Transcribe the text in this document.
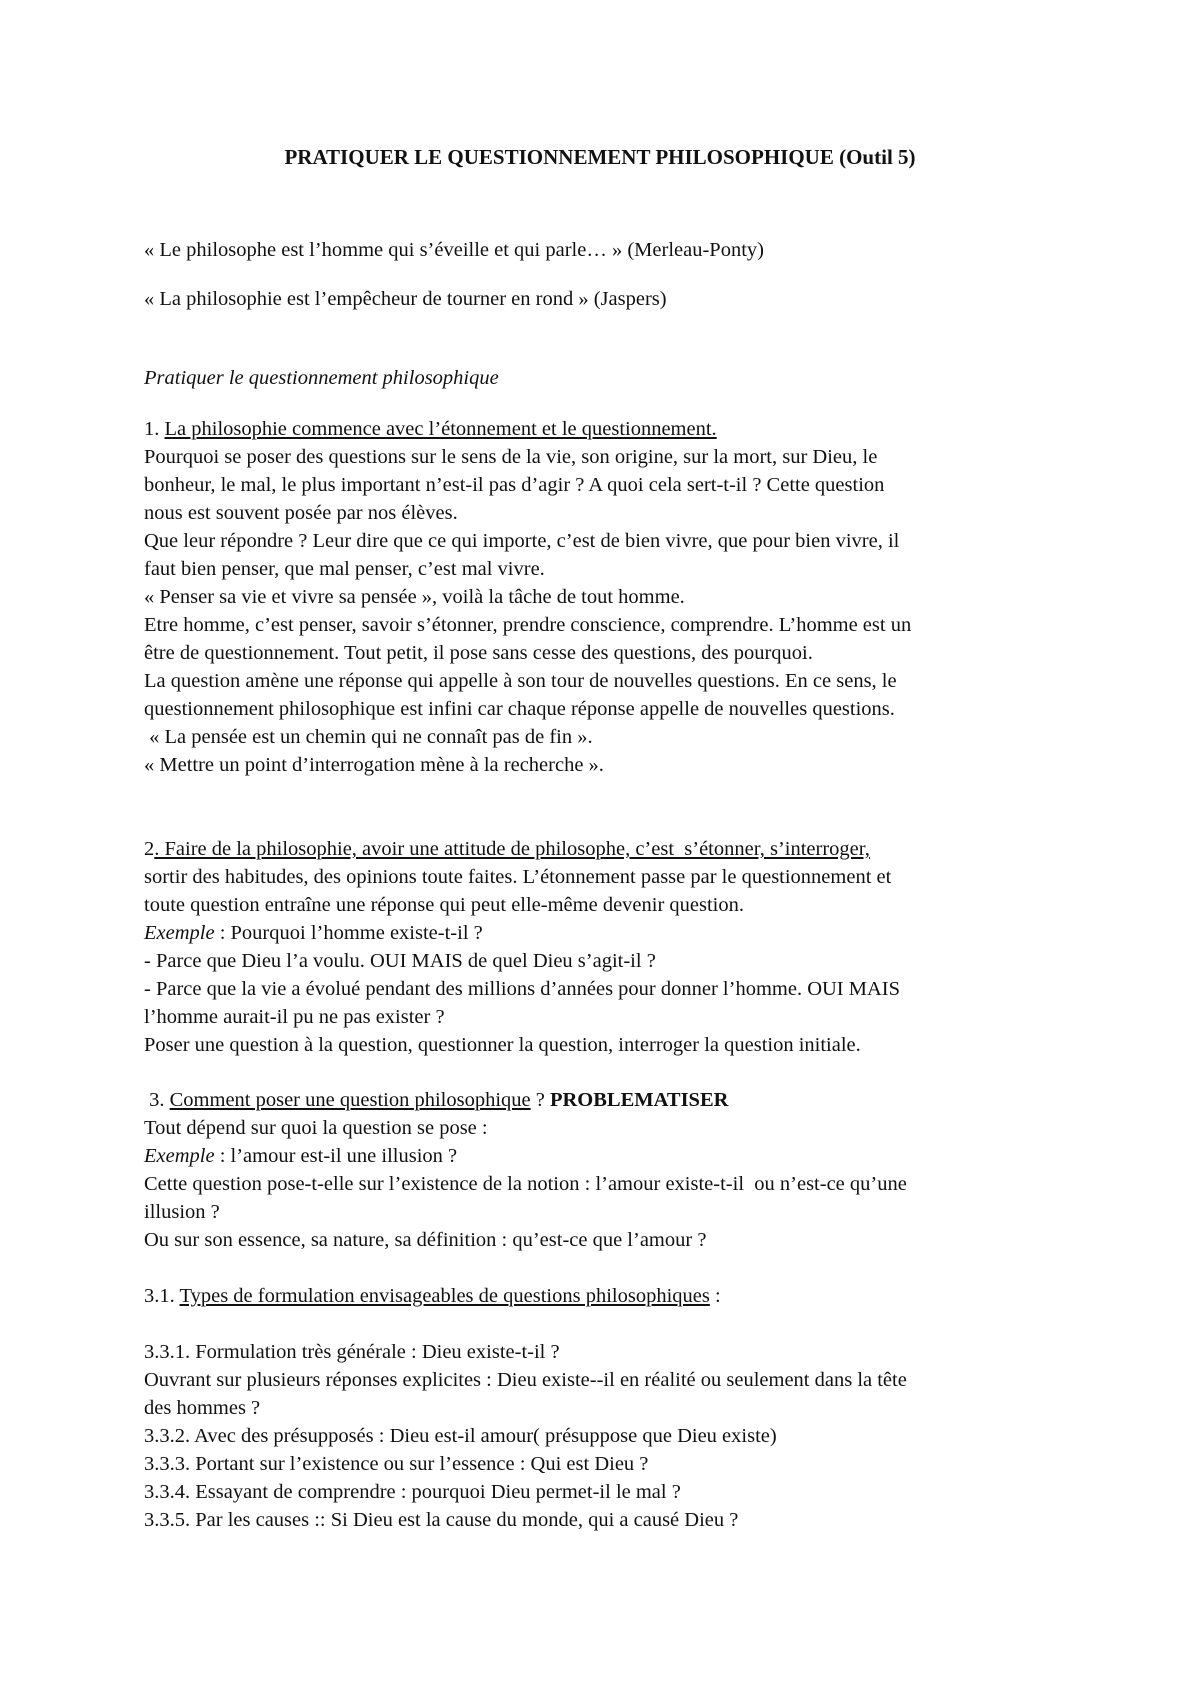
PRATIQUER LE QUESTIONNEMENT PHILOSOPHIQUE (Outil 5)
« Le philosophe est l’homme qui s’éveille et qui parle… » (Merleau-Ponty)
« La philosophie est l’empêcheur de tourner en rond » (Jaspers)
Pratiquer le questionnement philosophique
1. La philosophie commence avec l’étonnement et le questionnement.
Pourquoi se poser des questions sur le sens de la vie, son origine, sur la mort, sur Dieu, le
bonheur, le mal, le plus important n’est-il pas d’agir ? A quoi cela sert-t-il ? Cette question
nous est souvent posée par nos élèves.
Que leur répondre ? Leur dire que ce qui importe, c’est de bien vivre, que pour bien vivre, il
faut bien penser, que mal penser, c’est mal vivre.
« Penser sa vie et vivre sa pensée », voilà la tâche de tout homme.
Etre homme, c’est penser, savoir s’étonner, prendre conscience, comprendre. L’homme est un
être de questionnement. Tout petit, il pose sans cesse des questions, des pourquoi.
La question amène une réponse qui appelle à son tour de nouvelles questions. En ce sens, le
questionnement philosophique est infini car chaque réponse appelle de nouvelles questions.
« La pensée est un chemin qui ne connaît pas de fin ».
« Mettre un point d’interrogation mène à la recherche ».
2. Faire de la philosophie, avoir une attitude de philosophe, c’est  s’étonner, s’interroger,
sortir des habitudes, des opinions toute faites. L’étonnement passe par le questionnement et
toute question entraîne une réponse qui peut elle-même devenir question.
Exemple : Pourquoi l’homme existe-t-il ?
- Parce que Dieu l’a voulu. OUI MAIS de quel Dieu s’agit-il ?
- Parce que la vie a évolué pendant des millions d’années pour donner l’homme. OUI MAIS
l’homme aurait-il pu ne pas exister ?
Poser une question à la question, questionner la question, interroger la question initiale.
3. Comment poser une question philosophique ? PROBLEMATISER
Tout dépend sur quoi la question se pose :
Exemple : l’amour est-il une illusion ?
Cette question pose-t-elle sur l’existence de la notion : l’amour existe-t-il  ou n’est-ce qu’une
illusion ?
Ou sur son essence, sa nature, sa définition : qu’est-ce que l’amour ?
3.1. Types de formulation envisageables de questions philosophiques :
3.3.1. Formulation très générale : Dieu existe-t-il ?
Ouvrant sur plusieurs réponses explicites : Dieu existe--il en réalité ou seulement dans la tête
des hommes ?
3.3.2. Avec des présupposés : Dieu est-il amour( présuppose que Dieu existe)
3.3.3. Portant sur l’existence ou sur l’essence : Qui est Dieu ?
3.3.4. Essayant de comprendre : pourquoi Dieu permet-il le mal ?
3.3.5. Par les causes :: Si Dieu est la cause du monde, qui a causé Dieu ?
